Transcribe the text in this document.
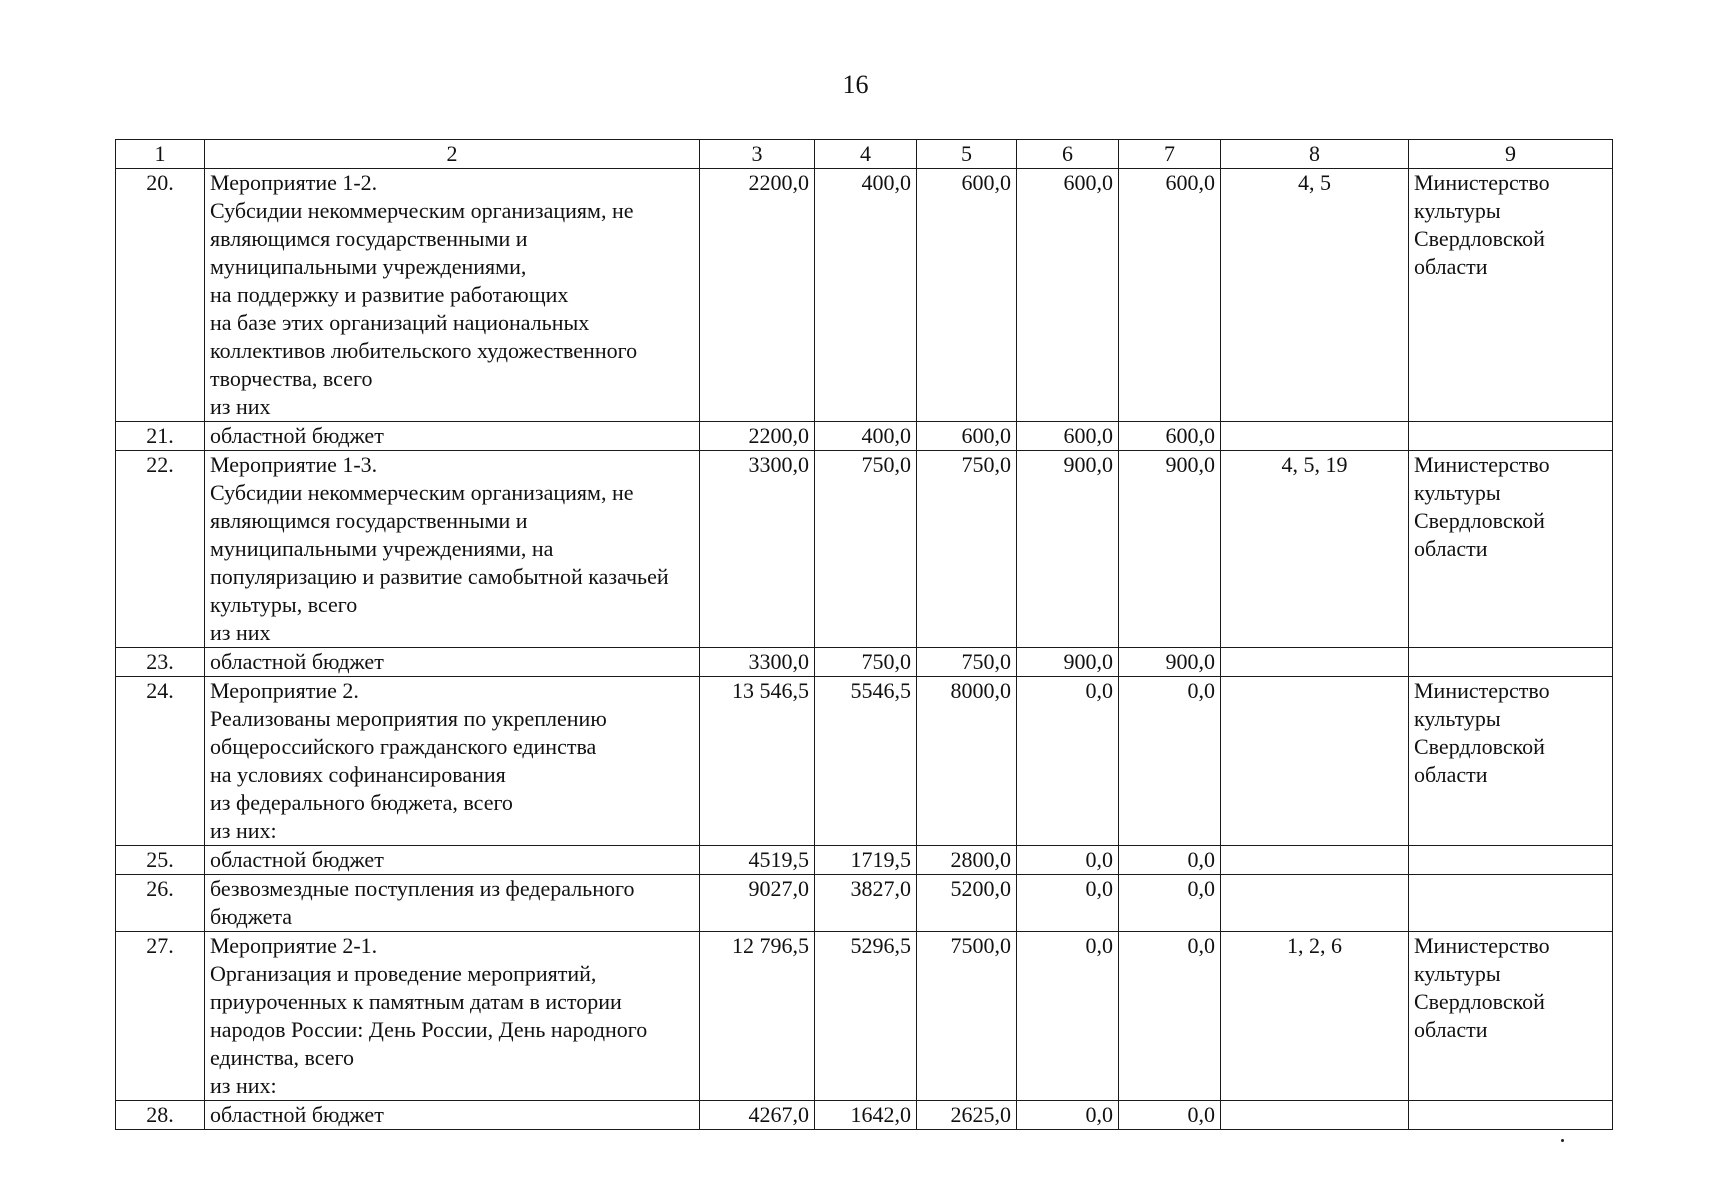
16
1	2	3	4	5	6	7	8	9
20.	Мероприятие 1-2.
Субсидии некоммерческим организациям, не являющимся государственными и муниципальными учреждениями,
на поддержку и развитие работающих
на базе этих организаций национальных коллективов любительского художественного творчества, всего
из них	2200,0	400,0	600,0	600,0	600,0	4, 5	Министерство культуры Свердловской области
21.	областной бюджет	2200,0	400,0	600,0	600,0	600,0		
22.	Мероприятие 1-3.
Субсидии некоммерческим организациям, не являющимся государственными и муниципальными учреждениями, на популяризацию и развитие самобытной казачьей культуры, всего
из них	3300,0	750,0	750,0	900,0	900,0	4, 5, 19	Министерство культуры Свердловской области
23.	областной бюджет	3300,0	750,0	750,0	900,0	900,0		
24.	Мероприятие 2.
Реализованы мероприятия по укреплению общероссийского гражданского единства
на условиях софинансирования
из федерального бюджета, всего
из них:	13 546,5	5546,5	8000,0	0,0	0,0		Министерство культуры Свердловской области
25.	областной бюджет	4519,5	1719,5	2800,0	0,0	0,0		
26.	безвозмездные поступления из федерального бюджета	9027,0	3827,0	5200,0	0,0	0,0		
27.	Мероприятие 2-1.
Организация и проведение мероприятий, приуроченных к памятным датам в истории народов России: День России, День народного единства, всего
из них:	12 796,5	5296,5	7500,0	0,0	0,0	1, 2, 6	Министерство культуры Свердловской области
28.	областной бюджет	4267,0	1642,0	2625,0	0,0	0,0		
